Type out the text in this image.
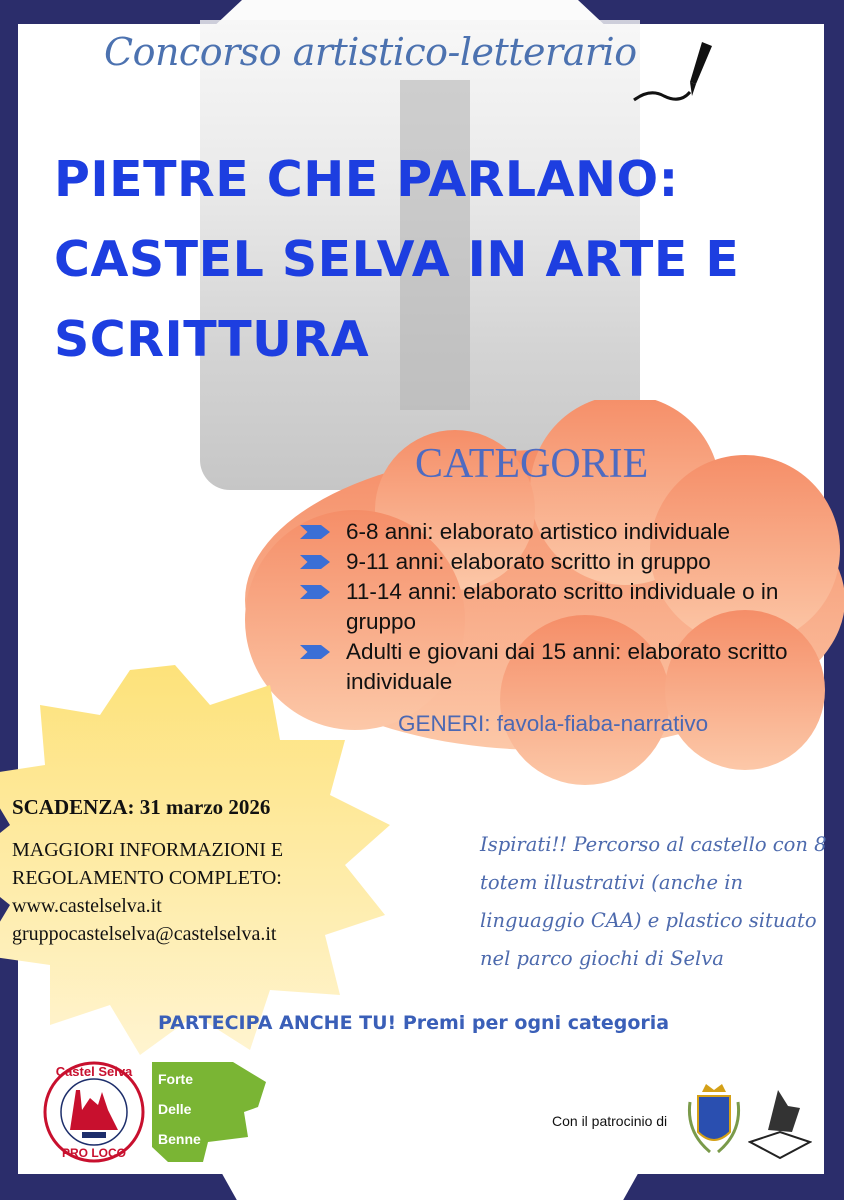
Concorso artistico-letterario
PIETRE CHE PARLANO: CASTEL SELVA IN ARTE E SCRITTURA
CATEGORIE
6-8 anni: elaborato artistico individuale
9-11 anni: elaborato scritto in gruppo
11-14 anni: elaborato scritto individuale o in gruppo
Adulti e giovani dai 15 anni: elaborato scritto individuale
GENERI: favola-fiaba-narrativo
SCADENZA: 31 marzo 2026
MAGGIORI INFORMAZIONI E
REGOLAMENTO COMPLETO:
www.castelselva.it
gruppocastelselva@castelselva.it
Ispirati!! Percorso al castello con 8 totem illustrativi (anche in linguaggio CAA) e plastico situato nel parco giochi di Selva
PARTECIPA ANCHE TU! Premi per ogni categoria
Castel Selva
PRO LOCO
Forte
Delle
Benne
Con il patrocinio di
